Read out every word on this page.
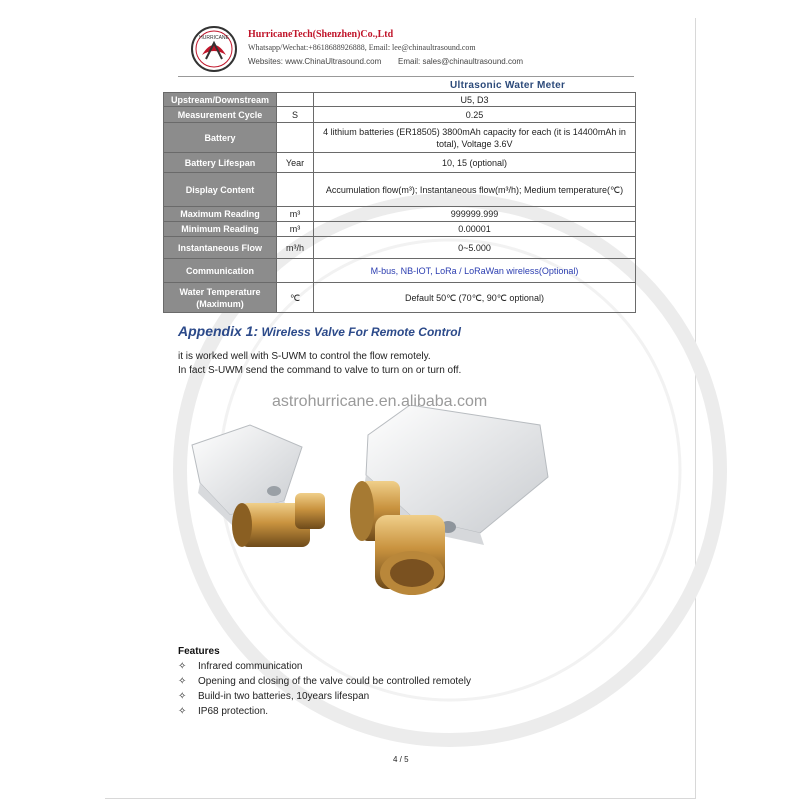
HURRICANE HurricaneTech(Shenzhen)Co.,Ltd
Whatsapp/Wechat:+8618688926888, Email: lee@chinaultrasound.com
Websites: www.ChinaUltrasound.com Email: sales@chinaultrasound.com
Ultrasonic Water Meter
Upstream/Downstream		U5, D3
Measurement Cycle	S	0.25
Battery		4 lithium batteries (ER18505) 3800mAh capacity for each (it is 14400mAh in total), Voltage 3.6V
Battery Lifespan	Year	10, 15 (optional)
Display Content		Accumulation flow(m³); Instantaneous flow(m³/h); Medium temperature(℃)
Maximum Reading	m³	999999.999
Minimum Reading	m³	0.00001
Instantaneous Flow	m³/h	0~5.000
Communication		M-bus, NB-IOT, LoRa / LoRaWan wireless(Optional)
Water Temperature (Maximum)	℃	Default 50℃ (70℃, 90℃ optional)
Appendix 1: Wireless Valve For Remote Control
it is worked well with S-UWM to control the flow remotely.
In fact S-UWM send the command to valve to turn on or turn off.
astrohurricane.en.alibaba.com
Features
✧ Infrared communication
✧ Opening and closing of the valve could be controlled remotely
✧ Build-in two batteries, 10years lifespan
✧ IP68 protection.
4 / 5
